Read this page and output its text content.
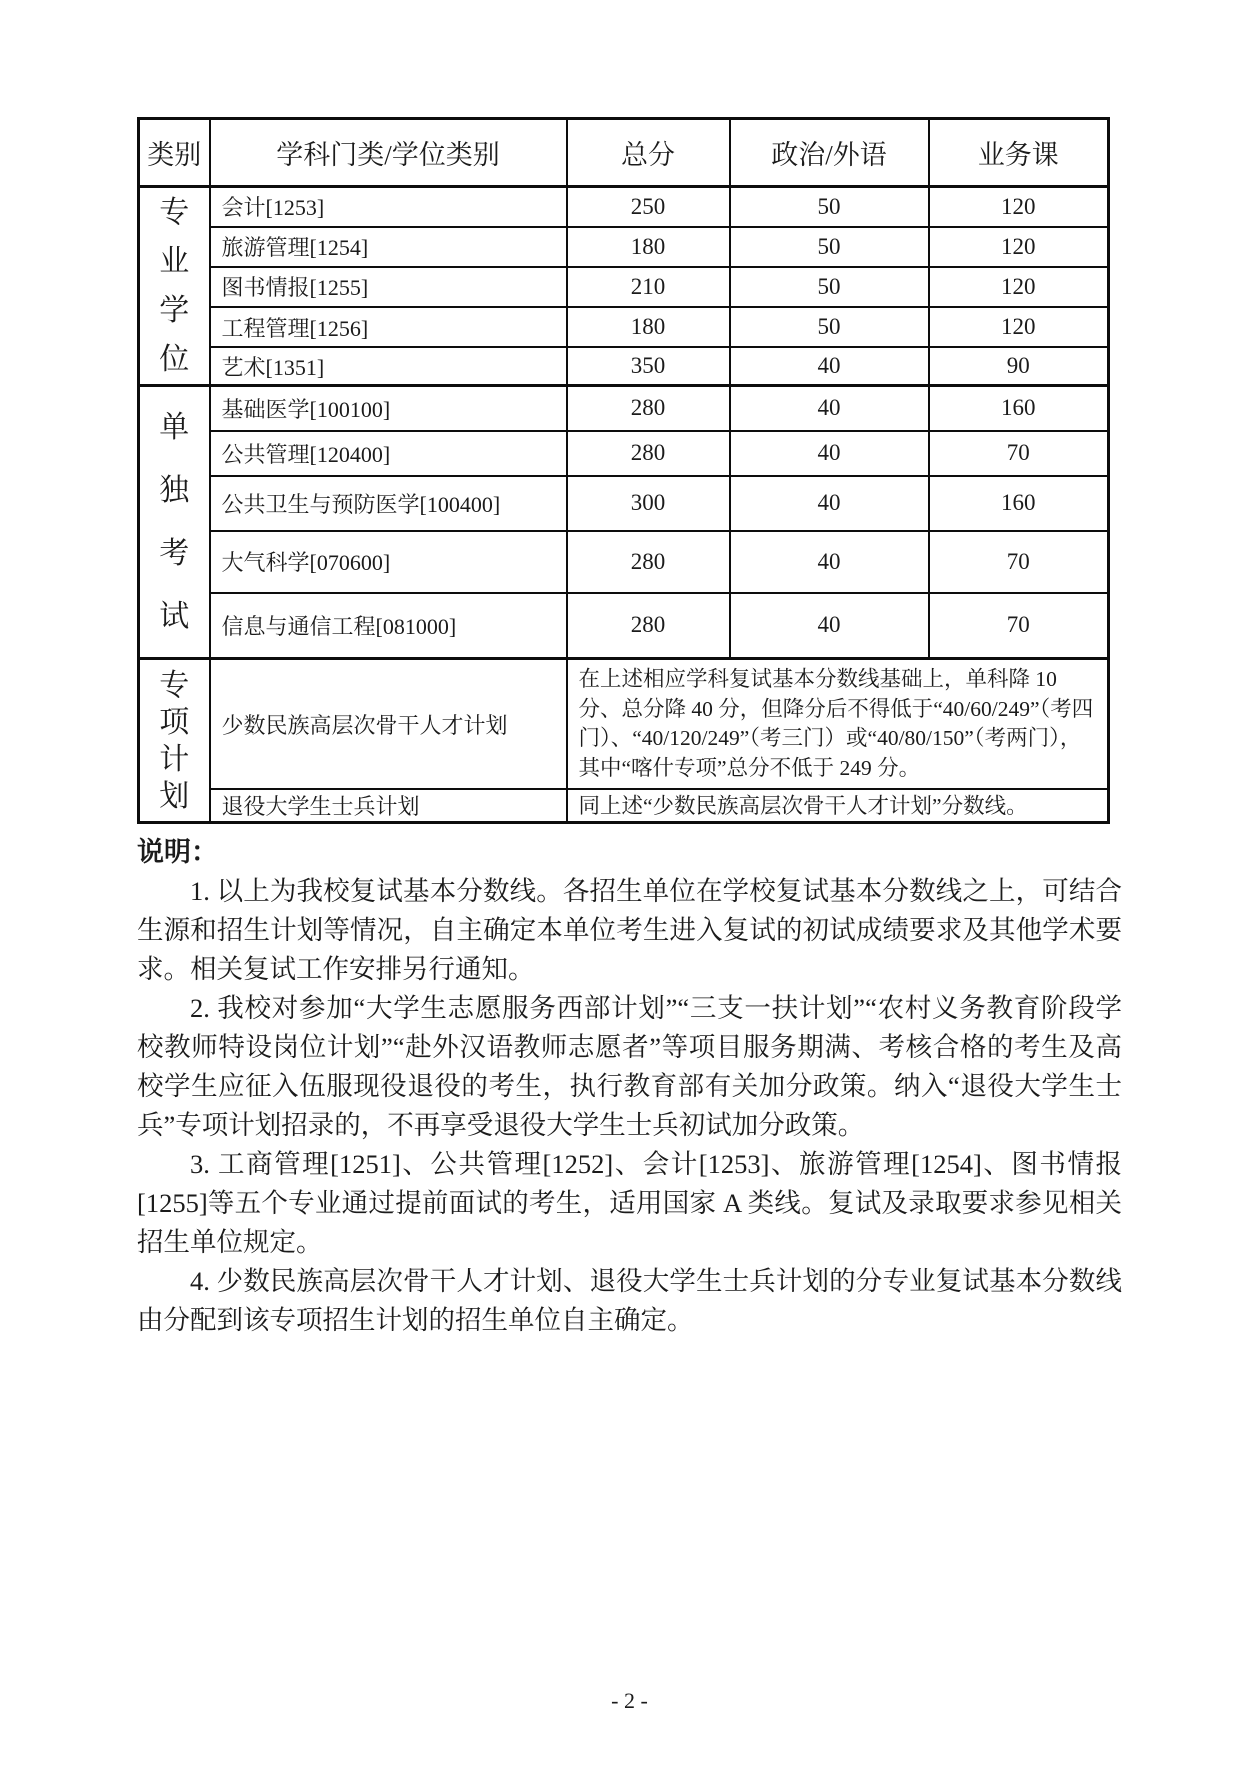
类别	学科门类/学位类别	总分	政治/外语	业务课

专业学位	会计[1253]	250	50	120
	旅游管理[1254]	180	50	120
	图书情报[1255]	210	50	120
	工程管理[1256]	180	50	120
	艺术[1351]	350	40	90

单独考试	基础医学[100100]	280	40	160
	公共管理[120400]	280	40	70
	公共卫生与预防医学[100400]	300	40	160
	大气科学[070600]	280	40	70
	信息与通信工程[081000]	280	40	70

专项计划	少数民族高层次骨干人才计划	在上述相应学科复试基本分数线基础上，单科降 10 分、总分降 40 分，但降分后不得低于“40/60/249”（考四门）、“40/120/249”（考三门）或“40/80/150”（考两门），其中“喀什专项”总分不低于 249 分。		
	退役大学生士兵计划	同上述“少数民族高层次骨干人才计划”分数线。		
说明：

1. 以上为我校复试基本分数线。各招生单位在学校复试基本分数线之上，可结合生源和招生计划等情况，自主确定本单位考生进入复试的初试成绩要求及其他学术要求。相关复试工作安排另行通知。

2. 我校对参加“大学生志愿服务西部计划”“三支一扶计划”“农村义务教育阶段学校教师特设岗位计划”“赴外汉语教师志愿者”等项目服务期满、考核合格的考生及高校学生应征入伍服现役退役的考生，执行教育部有关加分政策。纳入“退役大学生士兵”专项计划招录的，不再享受退役大学生士兵初试加分政策。

3. 工商管理[1251]、公共管理[1252]、会计[1253]、旅游管理[1254]、图书情报[1255]等五个专业通过提前面试的考生，适用国家 A 类线。复试及录取要求参见相关招生单位规定。

4. 少数民族高层次骨干人才计划、退役大学生士兵计划的分专业复试基本分数线由分配到该专项招生计划的招生单位自主确定。

- 2 -
